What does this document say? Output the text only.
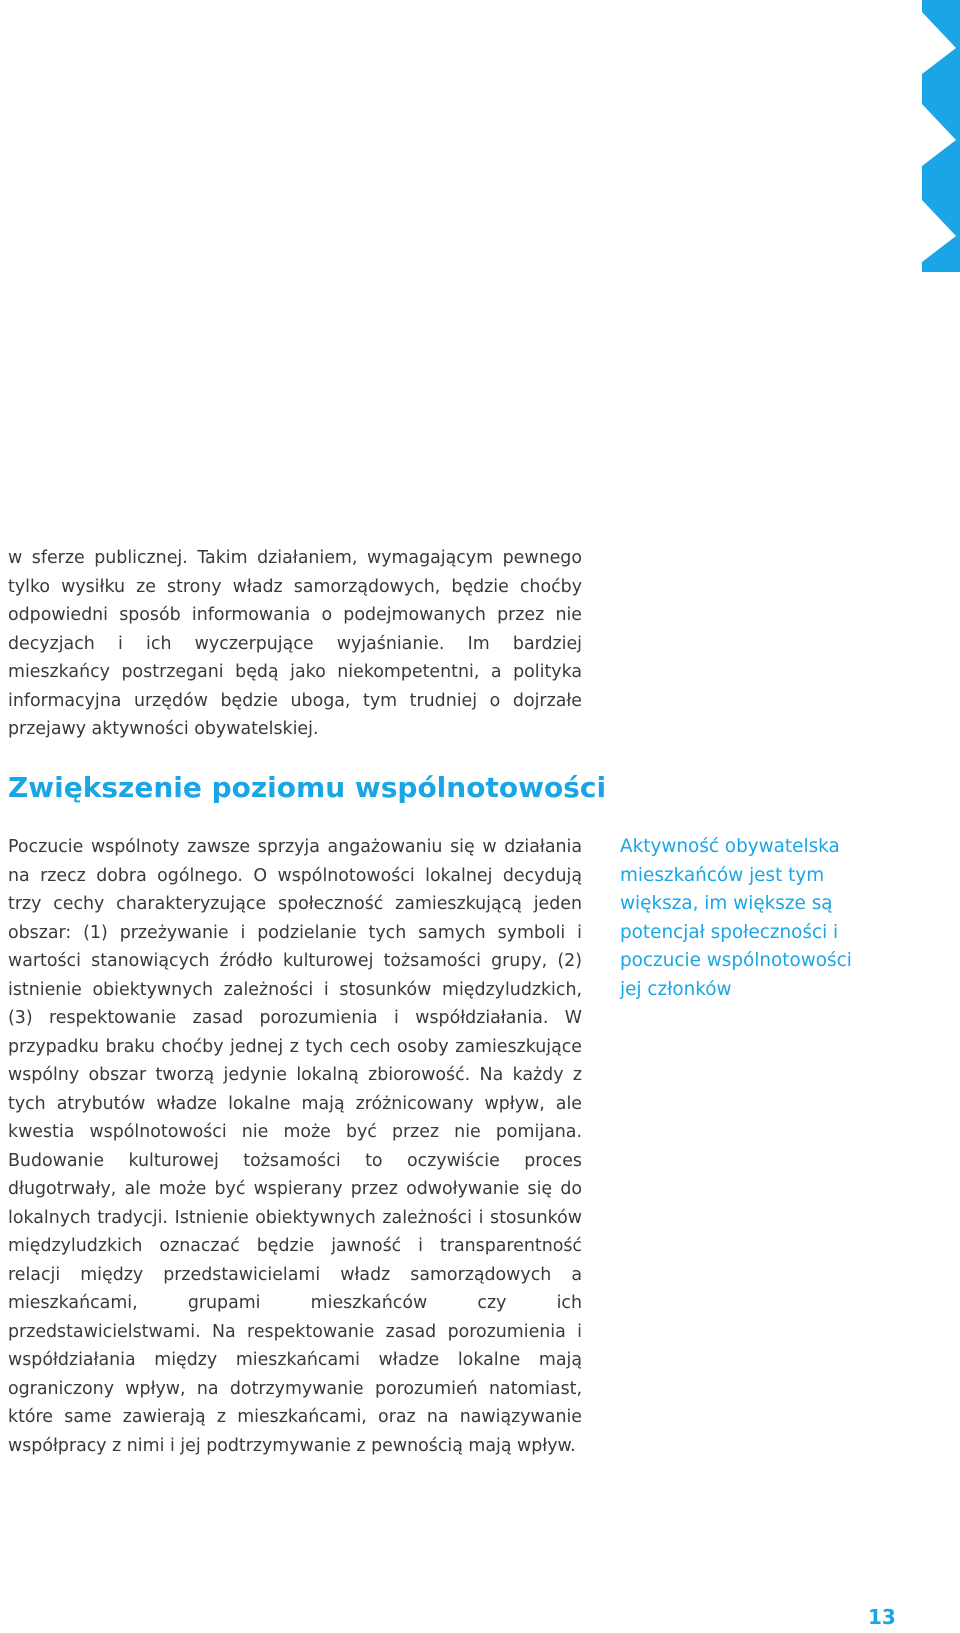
w sferze publicznej. Takim działaniem, wymagającym pewnego tylko wysiłku ze strony władz samorządowych, będzie choćby odpowiedni sposób informowania o podejmowanych przez nie decyzjach i ich wyczerpujące wyjaśnianie. Im bardziej mieszkańcy postrzegani będą jako niekompetentni, a polityka informacyjna urzędów będzie uboga, tym trudniej o dojrzałe przejawy aktywności obywatelskiej.

Zwiększenie poziomu wspólnotowości

Poczucie wspólnoty zawsze sprzyja angażowaniu się w działania na rzecz dobra ogólnego. O wspólnotowości lokalnej decydują trzy cechy charakteryzujące społeczność zamieszkującą jeden obszar: (1) przeżywanie i podzielanie tych samych symboli i wartości stanowiących źródło kulturowej tożsamości grupy, (2) istnienie obiektywnych zależności i stosunków międzyludzkich, (3) respektowanie zasad porozumienia i współdziałania. W przypadku braku choćby jednej z tych cech osoby zamieszkujące wspólny obszar tworzą jedynie lokalną zbiorowość. Na każdy z tych atrybutów władze lokalne mają zróżnicowany wpływ, ale kwestia wspólnotowości nie może być przez nie pomijana. Budowanie kulturowej tożsamości to oczywiście proces długotrwały, ale może być wspierany przez odwoływanie się do lokalnych tradycji. Istnienie obiektywnych zależności i stosunków międzyludzkich oznaczać będzie jawność i transparentność relacji między przedstawicielami władz samorządowych a mieszkańcami, grupami mieszkańców czy ich przedstawicielstwami. Na respektowanie zasad porozumienia i współdziałania między mieszkańcami władze lokalne mają ograniczony wpływ, na dotrzymywanie porozumień natomiast, które same zawierają z mieszkańcami, oraz na nawiązywanie współpracy z nimi i jej podtrzymywanie z pewnością mają wpływ.

Aktywność obywatelska mieszkańców jest tym większa, im większe są potencjał społeczności i poczucie wspólnotowości jej członków

13
